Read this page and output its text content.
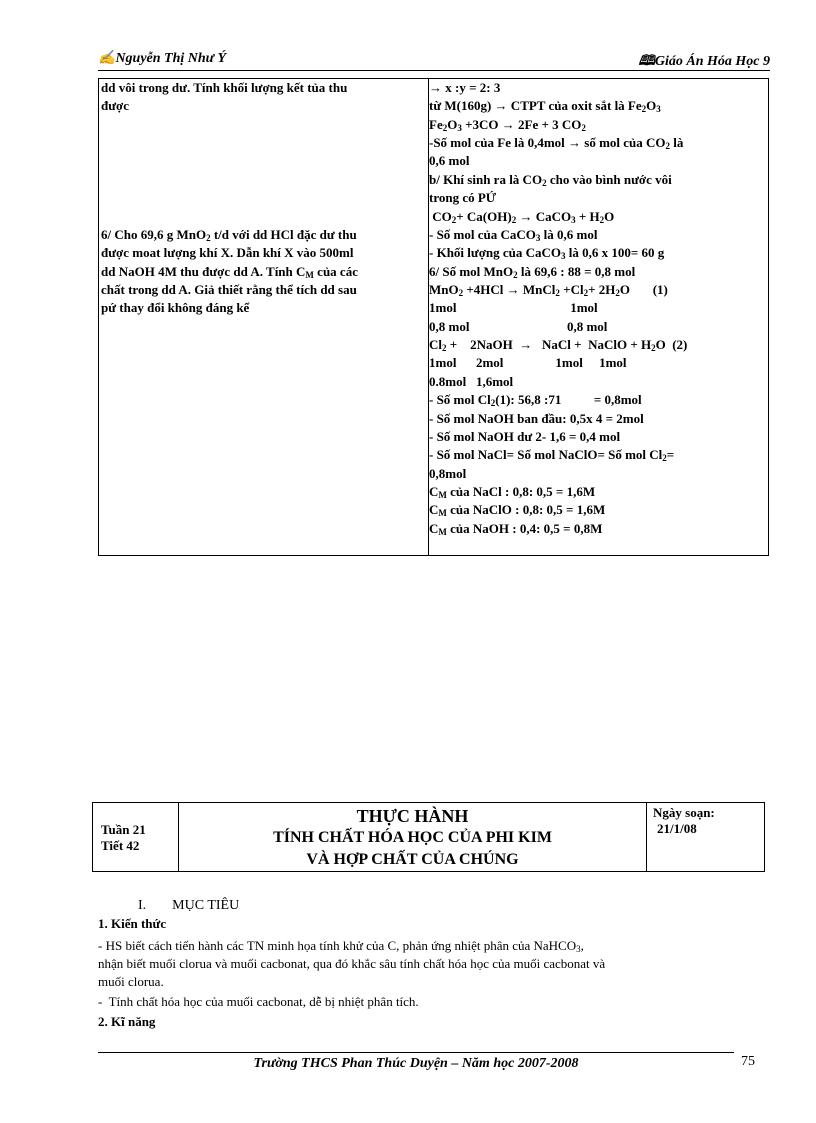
✍Nguyễn Thị Như Ý	🕮Giáo Án Hóa Học 9
dd vôi trong dư. Tính khối lượng kết tủa thu
được
6/ Cho 69,6 g MnO$_2$ t/d với dd HCl đặc dư thu
được moat lượng khí X. Dẫn khí X vào 500ml
dd NaOH 4M thu được dd A. Tính $C_M$ của các
chất trong dd A. Giả thiết rằng thể tích dd sau
pứ thay đổi không đáng kể
→ x :y = 2: 3
từ M(160g) → CTPT của oxit sắt là $Fe_2O_3$
$Fe_2O_3 +3CO \to 2Fe + 3$ $CO_2$
-Số mol của Fe là 0,4mol → số mol của $CO_2$ là
0,6 mol
b/ Khí sinh ra là $CO_2$ cho vào bình nước vôi
trong có PỨ
$CO_2+ Ca(OH)_2$ → CaCO$_3$ + $H_2O$
- Số mol của CaCO$_3$ là 0,6 mol
- Khối lượng của CaCO$_3$ là 0,6 x 100= 60 g
6/ Số mol MnO$_2$ là 69,6 : 88 = 0,8 mol
MnO$_2$ +4HCl → MnCl$_2$ $+Cl_2+ 2H_2O$       (1)
1mol                                   1mol
0,8 mol                              0,8 mol
$Cl_2$ +    2NaOH  →   NaCl +  NaClO + $H_2O$  (2)
1mol      2mol                1mol     1mol
0.8mol   1,6mol
- Số mol $Cl_2(1)$: 56,8 :71          = 0,8mol
- Số mol NaOH ban đầu: 0,5x 4 = 2mol
- Số mol NaOH dư 2- 1,6 = 0,4 mol
- Số mol NaCl= Số mol NaClO= Số mol $Cl_2=$
0,8mol
$C_M$ của NaCl : 0,8: 0,5 = 1,6M
$C_M$ của NaClO : 0,8: 0,5 = 1,6M
$C_M$ của NaOH : 0,4: 0,5 = 0,8M
Tuần 21
Tiết 42
THỰC HÀNH
TÍNH CHẤT HÓA HỌC CỦA PHI KIM
VÀ HỢP CHẤT CỦA CHÚNG
Ngày soạn:
21/1/08
I. MỤC TIÊU
1. Kiến thức
- HS biết cách tiến hành các TN minh họa tính khử của C, phản ứng nhiệt phân của NaHCO$_3$,
nhận biết muối clorua và muối cacbonat, qua đó khắc sâu tính chất hóa học của muối cacbonat và
muối clorua.
-  Tính chất hóa học của muối cacbonat, dễ bị nhiệt phân tích.
2. Kĩ năng
Trường THCS Phan Thúc Duyện – Năm học 2007-2008	75
